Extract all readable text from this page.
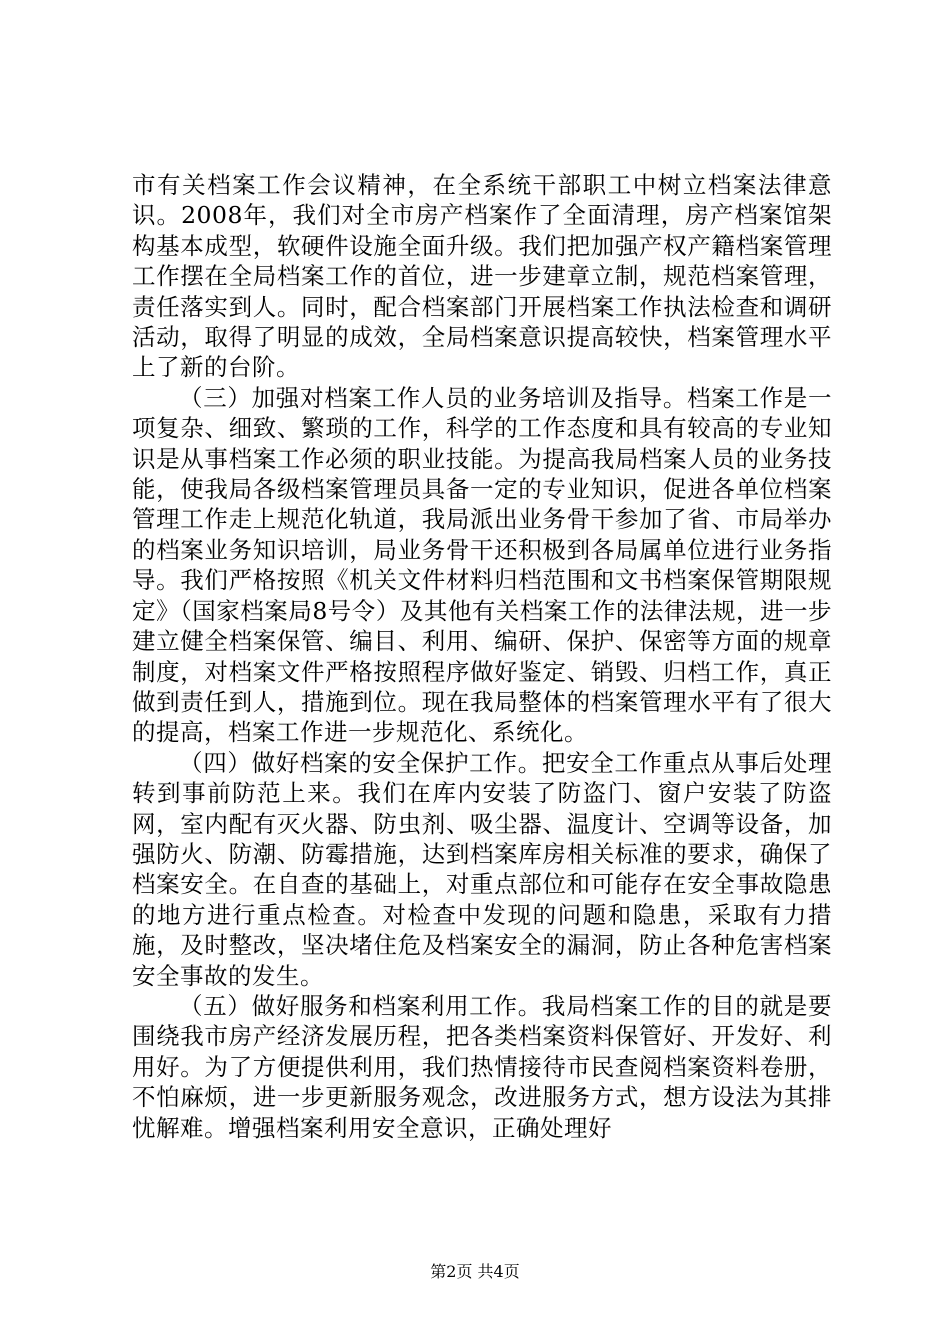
市有关档案工作会议精神，在全系统干部职工中树立档案法律意识。2008年，我们对全市房产档案作了全面清理，房产档案馆架构基本成型，软硬件设施全面升级。我们把加强产权产籍档案管理工作摆在全局档案工作的首位，进一步建章立制，规范档案管理，责任落实到人。同时，配合档案部门开展档案工作执法检查和调研活动，取得了明显的成效，全局档案意识提高较快，档案管理水平上了新的台阶。

（三）加强对档案工作人员的业务培训及指导。档案工作是一项复杂、细致、繁琐的工作，科学的工作态度和具有较高的专业知识是从事档案工作必须的职业技能。为提高我局档案人员的业务技能，使我局各级档案管理员具备一定的专业知识，促进各单位档案管理工作走上规范化轨道，我局派出业务骨干参加了省、市局举办的档案业务知识培训，局业务骨干还积极到各局属单位进行业务指导。我们严格按照《机关文件材料归档范围和文书档案保管期限规定》（国家档案局8号令）及其他有关档案工作的法律法规，进一步建立健全档案保管、编目、利用、编研、保护、保密等方面的规章制度，对档案文件严格按照程序做好鉴定、销毁、归档工作，真正做到责任到人，措施到位。现在我局整体的档案管理水平有了很大的提高，档案工作进一步规范化、系统化。

（四）做好档案的安全保护工作。把安全工作重点从事后处理转到事前防范上来。我们在库内安装了防盗门、窗户安装了防盗网，室内配有灭火器、防虫剂、吸尘器、温度计、空调等设备，加强防火、防潮、防霉措施，达到档案库房相关标准的要求，确保了档案安全。在自查的基础上，对重点部位和可能存在安全事故隐患的地方进行重点检查。对检查中发现的问题和隐患，采取有力措施，及时整改，坚决堵住危及档案安全的漏洞，防止各种危害档案安全事故的发生。

（五）做好服务和档案利用工作。我局档案工作的目的就是要围绕我市房产经济发展历程，把各类档案资料保管好、开发好、利用好。为了方便提供利用，我们热情接待市民查阅档案资料卷册，不怕麻烦，进一步更新服务观念，改进服务方式，想方设法为其排忧解难。增强档案利用安全意识，正确处理好

第2页 共4页
